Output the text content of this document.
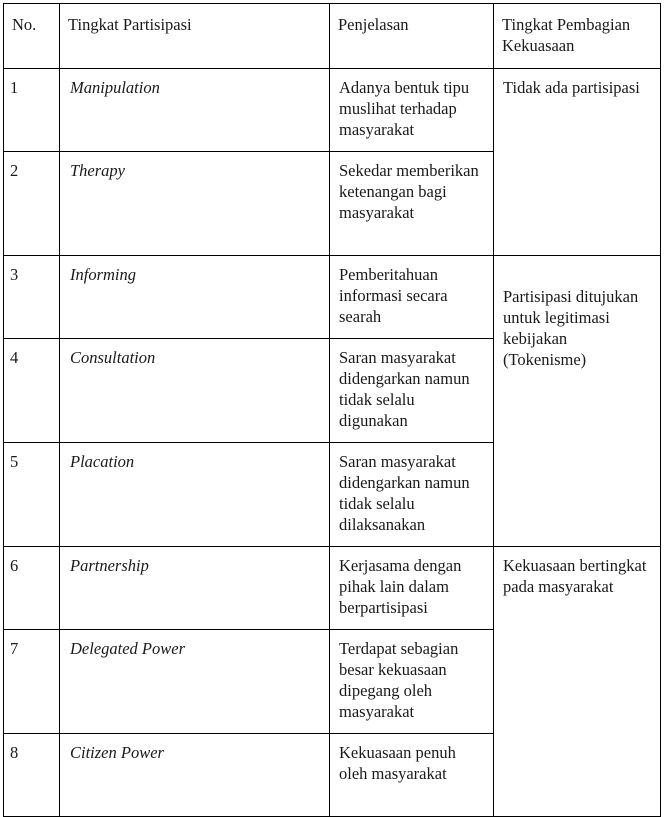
No.	Tingkat Partisipasi	Penjelasan	Tingkat Pembagian Kekuasaan
1	Manipulation	Adanya bentuk tipu muslihat terhadap masyarakat	Tidak ada partisipasi
2	Therapy	Sekedar memberikan ketenangan bagi masyarakat	
3	Informing	Pemberitahuan informasi secara searah	Partisipasi ditujukan untuk legitimasi kebijakan (Tokenisme)
4	Consultation	Saran masyarakat didengarkan namun tidak selalu digunakan	
5	Placation	Saran masyarakat didengarkan namun tidak selalu dilaksanakan	
6	Partnership	Kerjasama dengan pihak lain dalam berpartisipasi	Kekuasaan bertingkat pada masyarakat
7	Delegated Power	Terdapat sebagian besar kekuasaan dipegang oleh masyarakat	
8	Citizen Power	Kekuasaan penuh oleh masyarakat	
